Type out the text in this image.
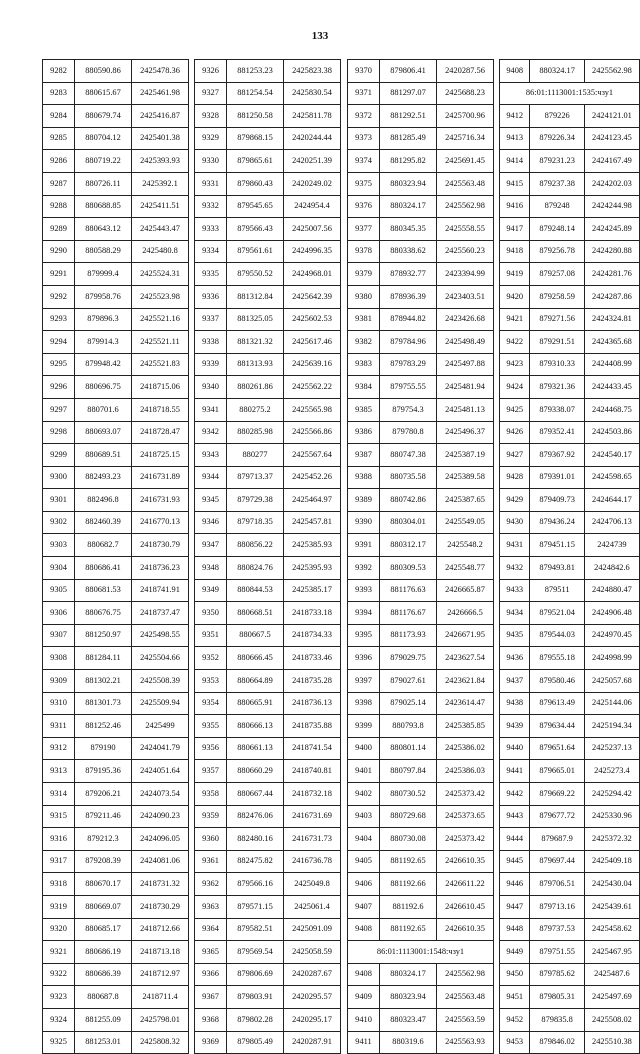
133
9282	880590.86	2425478.36
9283	880615.67	2425461.98
9284	880679.74	2425416.87
9285	880704.12	2425401.38
9286	880719.22	2425393.93
9287	880726.11	2425392.1
9288	880688.85	2425411.51
9289	880643.12	2425443.47
9290	880588.29	2425480.8
9291	879999.4	2425524.31
9292	879958.76	2425523.98
9293	879896.3	2425521.16
9294	879914.3	2425521.11
9295	879948.42	2425521.83
9296	880696.75	2418715.06
9297	880701.6	2418718.55
9298	880693.07	2418728.47
9299	880689.51	2418725.15
9300	882493.23	2416731.89
9301	882496.8	2416731.93
9302	882460.39	2416770.13
9303	880682.7	2418730.79
9304	880686.41	2418736.23
9305	880681.53	2418741.91
9306	880676.75	2418737.47
9307	881250.97	2425498.55
9308	881284.11	2425504.66
9309	881302.21	2425508.39
9310	881301.73	2425509.94
9311	881252.46	2425499
9312	879190	2424041.79
9313	879195.36	2424051.64
9314	879206.21	2424073.54
9315	879211.46	2424090.23
9316	879212.3	2424096.05
9317	879208.39	2424081.06
9318	880670.17	2418731.32
9319	880669.07	2418730.29
9320	880685.17	2418712.66
9321	880686.19	2418713.18
9322	880686.39	2418712.97
9323	880687.8	2418711.4
9324	881255.09	2425798.01
9325	881253.01	2425808.32
9326	881253.23	2425823.38
9327	881254.54	2425830.54
9328	881250.58	2425811.78
9329	879868.15	2420244.44
9330	879865.61	2420251.39
9331	879860.43	2420249.02
9332	879545.65	2424954.4
9333	879566.43	2425007.56
9334	879561.61	2424996.35
9335	879550.52	2424968.01
9336	881312.84	2425642.39
9337	881325.05	2425602.53
9338	881321.32	2425617.46
9339	881313.93	2425639.16
9340	880261.86	2425562.22
9341	880275.2	2425565.98
9342	880285.98	2425566.86
9343	880277	2425567.64
9344	879713.37	2425452.26
9345	879729.38	2425464.97
9346	879718.35	2425457.81
9347	880856.22	2425385.93
9348	880824.76	2425395.93
9349	880844.53	2425385.17
9350	880668.51	2418733.18
9351	880667.5	2418734.33
9352	880666.45	2418733.46
9353	880664.89	2418735.28
9354	880665.91	2418736.13
9355	880666.13	2418735.88
9356	880661.13	2418741.54
9357	880660.29	2418740.81
9358	880667.44	2418732.18
9359	882476.06	2416731.69
9360	882480.16	2416731.73
9361	882475.82	2416736.78
9362	879566.16	2425049.8
9363	879571.15	2425061.4
9364	879582.51	2425091.09
9365	879569.54	2425058.59
9366	879806.69	2420287.67
9367	879803.91	2420295.57
9368	879802.28	2420295.17
9369	879805.49	2420287.91
9370	879806.41	2420287.56
9371	881297.07	2425688.23
9372	881292.51	2425700.96
9373	881285.49	2425716.34
9374	881295.82	2425691.45
9375	880323.94	2425563.48
9376	880324.17	2425562.98
9377	880345.35	2425558.55
9378	880338.62	2425560.23
9379	878932.77	2423394.99
9380	878936.39	2423403.51
9381	878944.82	2423426.68
9382	879784.96	2425498.49
9383	879783.29	2425497.88
9384	879755.55	2425481.94
9385	879754.3	2425481.13
9386	879780.8	2425496.37
9387	880747.38	2425387.19
9388	880735.58	2425389.58
9389	880742.86	2425387.65
9390	880304.01	2425549.05
9391	880312.17	2425548.2
9392	880309.53	2425548.77
9393	881176.63	2426665.87
9394	881176.67	2426666.5
9395	881173.93	2426671.95
9396	879029.75	2423627.54
9397	879027.61	2423621.84
9398	879025.14	2423614.47
9399	880793.8	2425385.85
9400	880801.14	2425386.02
9401	880797.84	2425386.03
9402	880730.52	2425373.42
9403	880729.68	2425373.65
9404	880730.08	2425373.42
9405	881192.65	2426610.35
9406	881192.66	2426611.22
9407	881192.6	2426610.45
9408	881192.65	2426610.35
86:01:1113001:1548:чзу1		
9408	880324.17	2425562.98
9409	880323.94	2425563.48
9410	880323.47	2425563.59
9411	880319.6	2425563.93
9408	880324.17	2425562.98
86:01:1113001:1535:чзу1		
9412	879226	2424121.01
9413	879226.34	2424123.45
9414	879231.23	2424167.49
9415	879237.38	2424202.03
9416	879248	2424244.98
9417	879248.14	2424245.89
9418	879256.78	2424280.88
9419	879257.08	2424281.76
9420	879258.59	2424287.86
9421	879271.56	2424324.81
9422	879291.51	2424365.68
9423	879310.33	2424408.99
9424	879321.36	2424433.45
9425	879338.07	2424468.75
9426	879352.41	2424503.86
9427	879367.92	2424540.17
9428	879391.01	2424598.65
9429	879409.73	2424644.17
9430	879436.24	2424706.13
9431	879451.15	2424739
9432	879493.81	2424842.6
9433	879511	2424880.47
9434	879521.04	2424906.48
9435	879544.03	2424970.45
9436	879555.18	2424998.99
9437	879580.46	2425057.68
9438	879613.49	2425144.06
9439	879634.44	2425194.34
9440	879651.64	2425237.13
9441	879665.01	2425273.4
9442	879669.22	2425294.42
9443	879677.72	2425330.96
9444	879687.9	2425372.32
9445	879697.44	2425409.18
9446	879706.51	2425430.04
9447	879713.16	2425439.61
9448	879737.53	2425458.62
9449	879751.55	2425467.95
9450	879785.62	2425487.6
9451	879805.31	2425497.69
9452	879835.8	2425508.02
9453	879846.02	2425510.38
